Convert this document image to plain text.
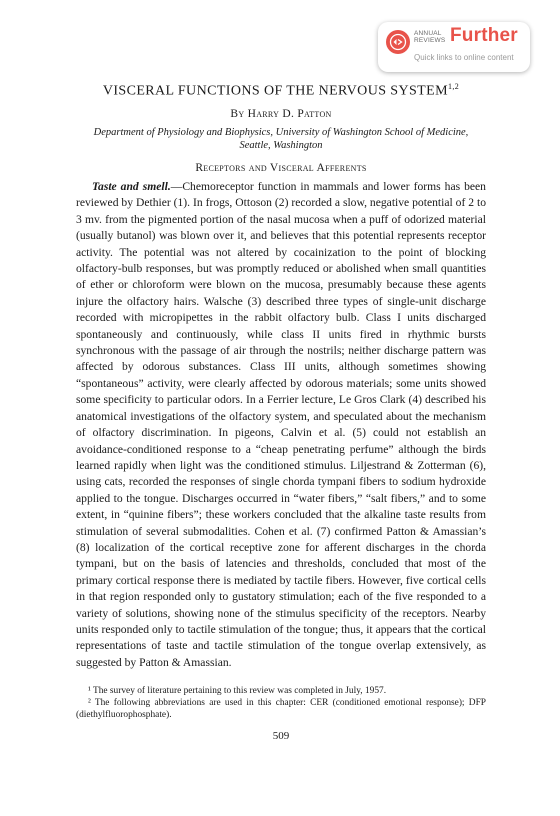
ANNUAL
REVIEWS Further
Quick links to online content
VISCERAL FUNCTIONS OF THE NERVOUS SYSTEM$^{1,2}$
By Harry D. Patton
Department of Physiology and Biophysics, University of Washington School of Medicine,
Seattle, Washington
Receptors and Visceral Afferents

Taste and smell.—Chemoreceptor function in mammals and lower forms has been reviewed by Dethier (1). In frogs, Ottoson (2) recorded a slow, negative potential of 2 to 3 mv. from the pigmented portion of the nasal mucosa when a puff of odorized material (usually butanol) was blown over it, and believes that this potential represents receptor activity. The potential was not altered by cocainization to the point of blocking olfactory-bulb responses, but was promptly reduced or abolished when small quantities of ether or chloroform were blown on the mucosa, presumably because these agents injure the olfactory hairs. Walsche (3) described three types of single-unit discharge recorded with micropipettes in the rabbit olfactory bulb. Class I units discharged spontaneously and continuously, while class II units fired in rhythmic bursts synchronous with the passage of air through the nostrils; neither discharge pattern was affected by odorous substances. Class III units, although sometimes showing “spontaneous” activity, were clearly affected by odorous materials; some units showed some specificity to particular odors. In a Ferrier lecture, Le Gros Clark (4) described his anatomical investigations of the olfactory system, and speculated about the mechanism of olfactory discrimination. In pigeons, Calvin et al. (5) could not establish an avoidance-conditioned response to a “cheap penetrating perfume” although the birds learned rapidly when light was the conditioned stimulus. Liljestrand & Zotterman (6), using cats, recorded the responses of single chorda tympani fibers to sodium hydroxide applied to the tongue. Discharges occurred in “water fibers,” “salt fibers,” and to some extent, in “quinine fibers”; these workers concluded that the alkaline taste results from stimulation of several submodalities. Cohen et al. (7) confirmed Patton & Amassian’s (8) localization of the cortical receptive zone for afferent discharges in the chorda tympani, but on the basis of latencies and thresholds, concluded that most of the primary cortical response there is mediated by tactile fibers. However, five cortical cells in that region responded only to gustatory stimulation; each of the five responded to a variety of solutions, showing none of the stimulus specificity of the receptors. Nearby units responded only to tactile stimulation of the tongue; thus, it appears that the cortical representations of taste and tactile stimulation of the tongue overlap extensively, as suggested by Patton & Amassian.

¹ The survey of literature pertaining to this review was completed in July, 1957.

² The following abbreviations are used in this chapter: CER (conditioned emotional response); DFP (diethylfluorophosphate).

509
